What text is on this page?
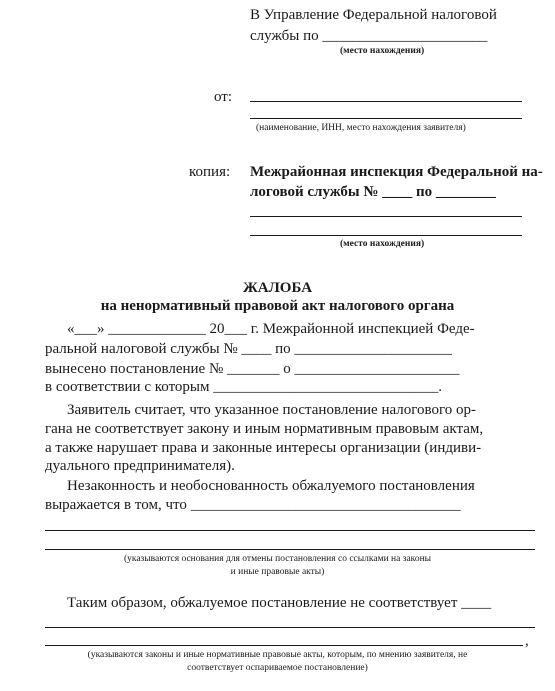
В Управление Федеральной налоговой
службы по ______________________
(место нахождения)
от:
(наименование, ИНН, место нахождения заявителя)
копия: Межрайонная инспекция Федеральной на-
логовой службы № ____ по ________
(место нахождения)
ЖАЛОБА
на ненормативный правовой акт налогового органа
«___» _____________ 20___ г. Межрайонной инспекцией Феде-
ральной налоговой службы № ____ по _____________________
вынесено постановление № _______ о ______________________
в соответствии с которым ______________________________.
Заявитель считает, что указанное постановление налогового ор-
гана не соответствует закону и иным нормативным правовым актам,
а также нарушает права и законные интересы организации (индиви-
дуального предпринимателя).
Незаконность и необоснованность обжалуемого постановления
выражается в том, что ____________________________________
(указываются основания для отмены постановления со ссылками на законы
и иные правовые акты)
Таким образом, обжалуемое постановление не соответствует ____
,
(указываются законы и иные нормативные правовые акты, которым, по мнению заявителя, не
соответствует оспариваемое постановление)
